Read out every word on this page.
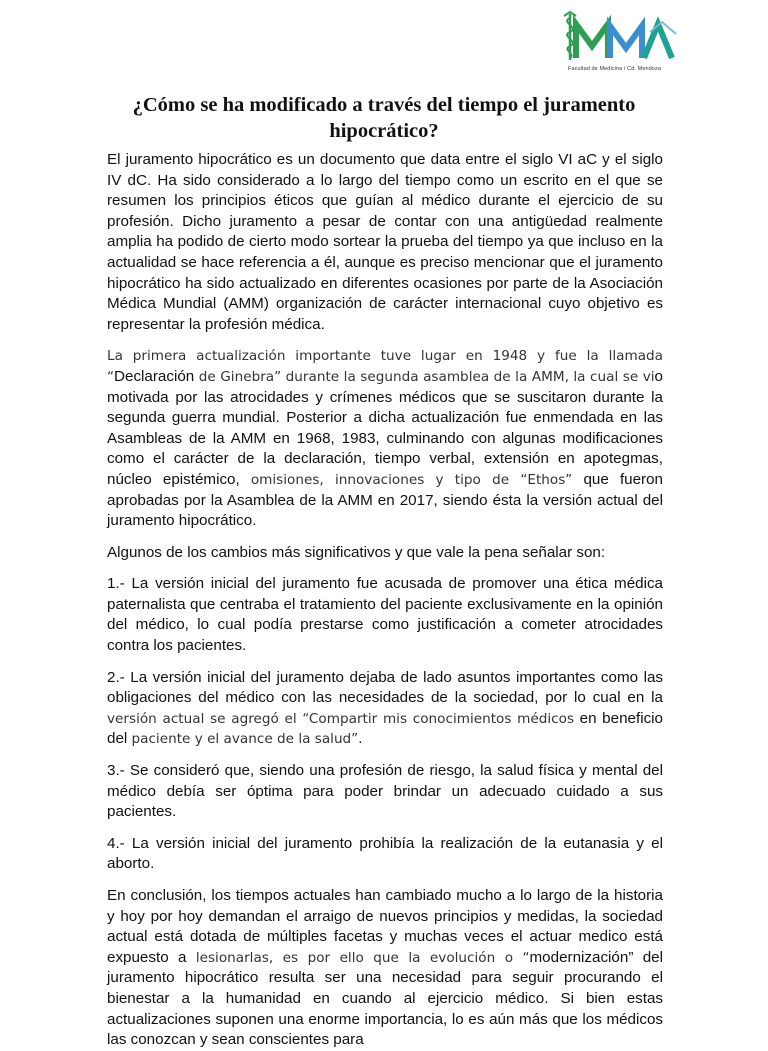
Facultad de Medicina / Cd. Mendoza
¿Cómo se ha modificado a través del tiempo el juramento hipocrático?

El juramento hipocrático es un documento que data entre el siglo VI aC y el siglo IV dC. Ha sido considerado a lo largo del tiempo como un escrito en el que se resumen los principios éticos que guían al médico durante el ejercicio de su profesión. Dicho juramento a pesar de contar con una antigüedad realmente amplia ha podido de cierto modo sortear la prueba del tiempo ya que incluso en la actualidad se hace referencia a él, aunque es preciso mencionar que el juramento hipocrático ha sido actualizado en diferentes ocasiones por parte de la Asociación Médica Mundial (AMM) organización de carácter internacional cuyo objetivo es representar la profesión médica.

La primera actualización importante tuve lugar en 1948 y fue la llamada “Declaración de Ginebra” durante la segunda asamblea de la AMM, la cual se vio motivada por las atrocidades y crímenes médicos que se suscitaron durante la segunda guerra mundial. Posterior a dicha actualización fue enmendada en las Asambleas de la AMM en 1968, 1983, culminando con algunas modificaciones como el carácter de la declaración, tiempo verbal, extensión en apotegmas, núcleo epistémico, omisiones, innovaciones y tipo de “Ethos” que fueron aprobadas por la Asamblea de la AMM en 2017, siendo ésta la versión actual del juramento hipocrático.

Algunos de los cambios más significativos y que vale la pena señalar son:

1.- La versión inicial del juramento fue acusada de promover una ética médica paternalista que centraba el tratamiento del paciente exclusivamente en la opinión del médico, lo cual podía prestarse como justificación a cometer atrocidades contra los pacientes.

2.- La versión inicial del juramento dejaba de lado asuntos importantes como las obligaciones del médico con las necesidades de la sociedad, por lo cual en la versión actual se agregó el “Compartir mis conocimientos médicos en beneficio del paciente y el avance de la salud”.

3.- Se consideró que, siendo una profesión de riesgo, la salud física y mental del médico debía ser óptima para poder brindar un adecuado cuidado a sus pacientes.

4.- La versión inicial del juramento prohibía la realización de la eutanasia y el aborto.

En conclusión, los tiempos actuales han cambiado mucho a lo largo de la historia y hoy por hoy demandan el arraigo de nuevos principios y medidas, la sociedad actual está dotada de múltiples facetas y muchas veces el actuar medico está expuesto a lesionarlas, es por ello que la evolución o “modernización” del juramento hipocrático resulta ser una necesidad para seguir procurando el bienestar a la humanidad en cuando al ejercicio médico. Si bien estas actualizaciones suponen una enorme importancia, lo es aún más que los médicos las conozcan y sean conscientes para
